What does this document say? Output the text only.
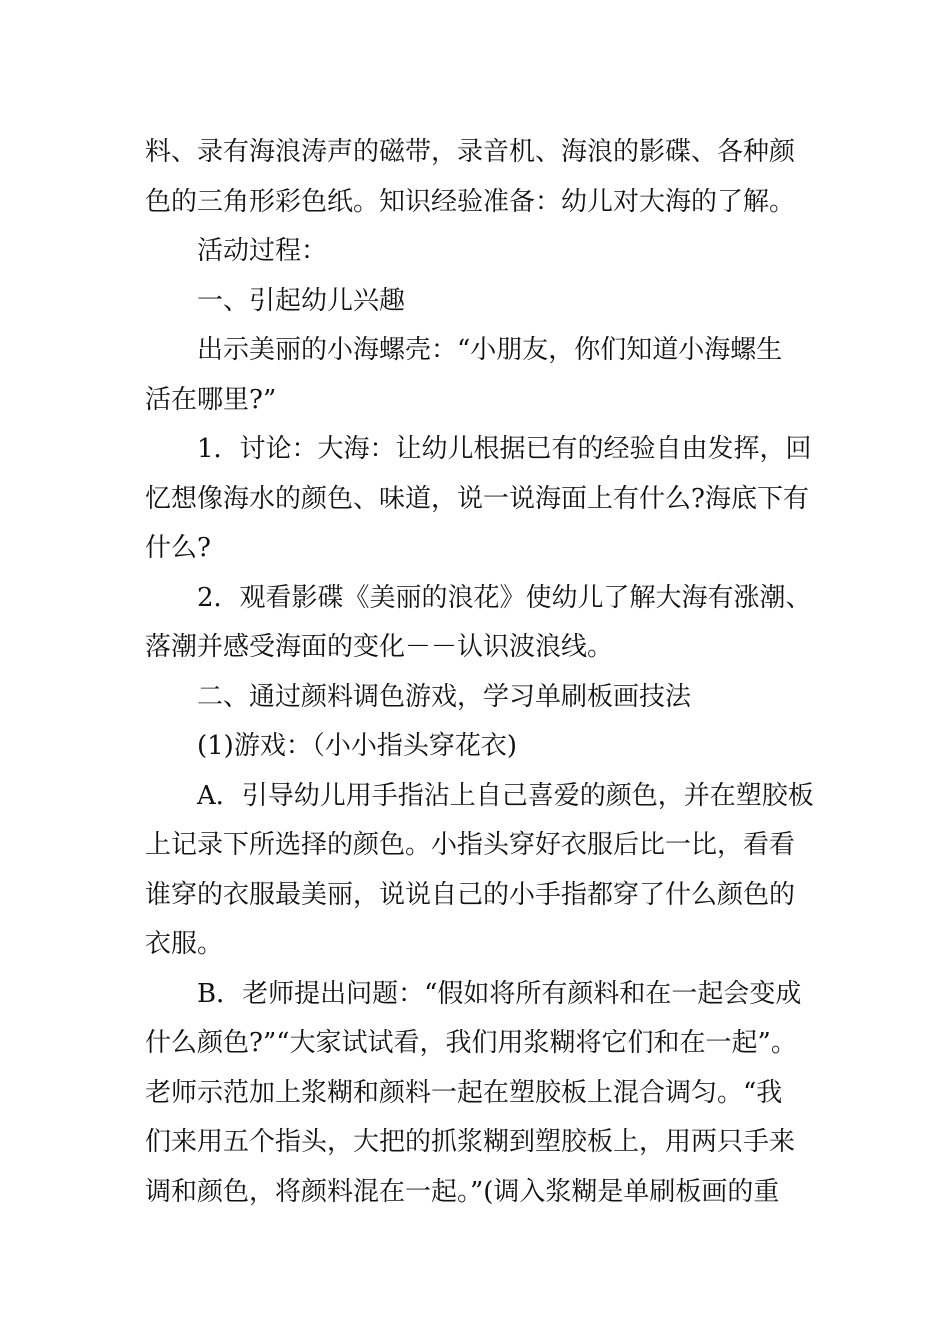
料、录有海浪涛声的磁带，录音机、海浪的影碟、各种颜
色的三角形彩色纸。知识经验准备：幼儿对大海的了解。
活动过程：
一、引起幼儿兴趣
出示美丽的小海螺壳：“小朋友，你们知道小海螺生
活在哪里?”
1．讨论：大海：让幼儿根据已有的经验自由发挥，回
忆想像海水的颜色、味道，说一说海面上有什么?海底下有
什么?
2．观看影碟《美丽的浪花》使幼儿了解大海有涨潮、
落潮并感受海面的变化－－认识波浪线。
二、通过颜料调色游戏，学习单刷板画技法
(1)游戏：（小小指头穿花衣)
A．引导幼儿用手指沾上自己喜爱的颜色，并在塑胶板
上记录下所选择的颜色。小指头穿好衣服后比一比，看看
谁穿的衣服最美丽，说说自己的小手指都穿了什么颜色的
衣服。
B．老师提出问题：“假如将所有颜料和在一起会变成
什么颜色?”“大家试试看，我们用浆糊将它们和在一起”。
老师示范加上浆糊和颜料一起在塑胶板上混合调匀。“我
们来用五个指头，大把的抓浆糊到塑胶板上，用两只手来
调和颜色，将颜料混在一起。”(调入浆糊是单刷板画的重
